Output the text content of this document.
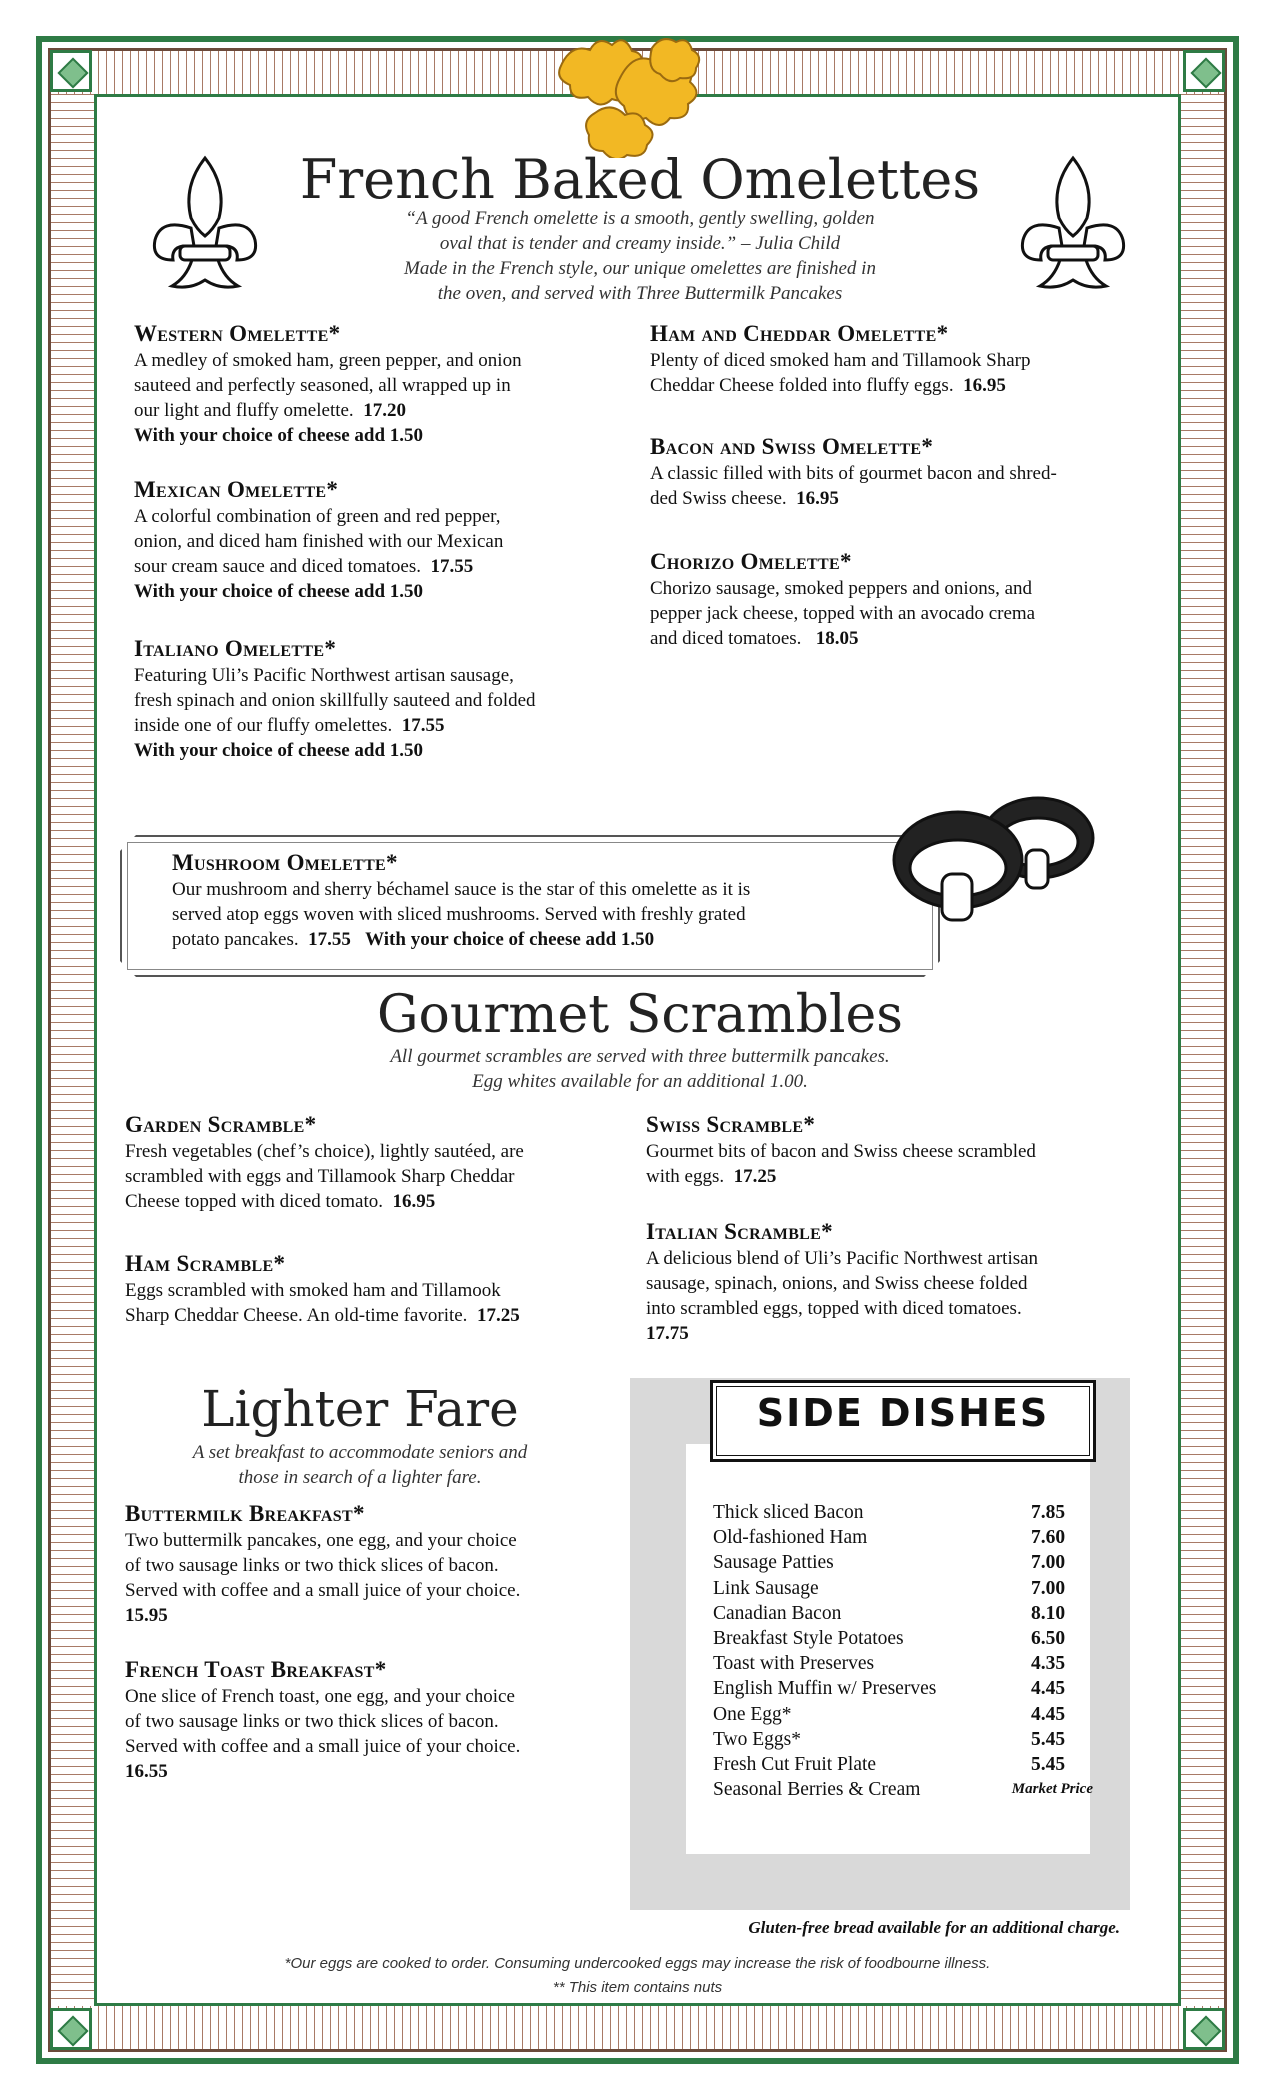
French Baked Omelettes
“A good French omelette is a smooth, gently swelling, golden
oval that is tender and creamy inside.” – Julia Child
Made in the French style, our unique omelettes are finished in
the oven, and served with Three Buttermilk Pancakes
Western Omelette*
A medley of smoked ham, green pepper, and onion
sauteed and perfectly seasoned, all wrapped up in
our light and fluffy omelette. 17.20
With your choice of cheese add 1.50
Mexican Omelette*
A colorful combination of green and red pepper,
onion, and diced ham finished with our Mexican
sour cream sauce and diced tomatoes. 17.55
With your choice of cheese add 1.50
Italiano Omelette*
Featuring Uli’s Pacific Northwest artisan sausage,
fresh spinach and onion skillfully sauteed and folded
inside one of our fluffy omelettes. 17.55
With your choice of cheese add 1.50
Ham and Cheddar Omelette*
Plenty of diced smoked ham and Tillamook Sharp
Cheddar Cheese folded into fluffy eggs. 16.95
Bacon and Swiss Omelette*
A classic filled with bits of gourmet bacon and shred-
ded Swiss cheese. 16.95
Chorizo Omelette*
Chorizo sausage, smoked peppers and onions, and
pepper jack cheese, topped with an avocado crema
and diced tomatoes. 18.05
Mushroom Omelette*
Our mushroom and sherry béchamel sauce is the star of this omelette as it is
served atop eggs woven with sliced mushrooms. Served with freshly grated
potato pancakes. 17.55 With your choice of cheese add 1.50
Gourmet Scrambles
All gourmet scrambles are served with three buttermilk pancakes.
Egg whites available for an additional 1.00.
Garden Scramble*
Fresh vegetables (chef’s choice), lightly sautéed, are
scrambled with eggs and Tillamook Sharp Cheddar
Cheese topped with diced tomato. 16.95
Ham Scramble*
Eggs scrambled with smoked ham and Tillamook
Sharp Cheddar Cheese. An old-time favorite. 17.25
Swiss Scramble*
Gourmet bits of bacon and Swiss cheese scrambled
with eggs. 17.25
Italian Scramble*
A delicious blend of Uli’s Pacific Northwest artisan
sausage, spinach, onions, and Swiss cheese folded
into scrambled eggs, topped with diced tomatoes.
17.75
Lighter Fare
A set breakfast to accommodate seniors and
those in search of a lighter fare.
Buttermilk Breakfast*
Two buttermilk pancakes, one egg, and your choice
of two sausage links or two thick slices of bacon.
Served with coffee and a small juice of your choice.
15.95
French Toast Breakfast*
One slice of French toast, one egg, and your choice
of two sausage links or two thick slices of bacon.
Served with coffee and a small juice of your choice.
16.55
SIDE DISHES
Thick sliced Bacon	7.85
Old-fashioned Ham	7.60
Sausage Patties	7.00
Link Sausage	7.00
Canadian Bacon	8.10
Breakfast Style Potatoes	6.50
Toast with Preserves	4.35
English Muffin w/ Preserves	4.45
One Egg*	4.45
Two Eggs*	5.45
Fresh Cut Fruit Plate	5.45
Seasonal Berries & Cream	Market Price
Gluten-free bread available for an additional charge.
*Our eggs are cooked to order. Consuming undercooked eggs may increase the risk of foodbourne illness.
** This item contains nuts
